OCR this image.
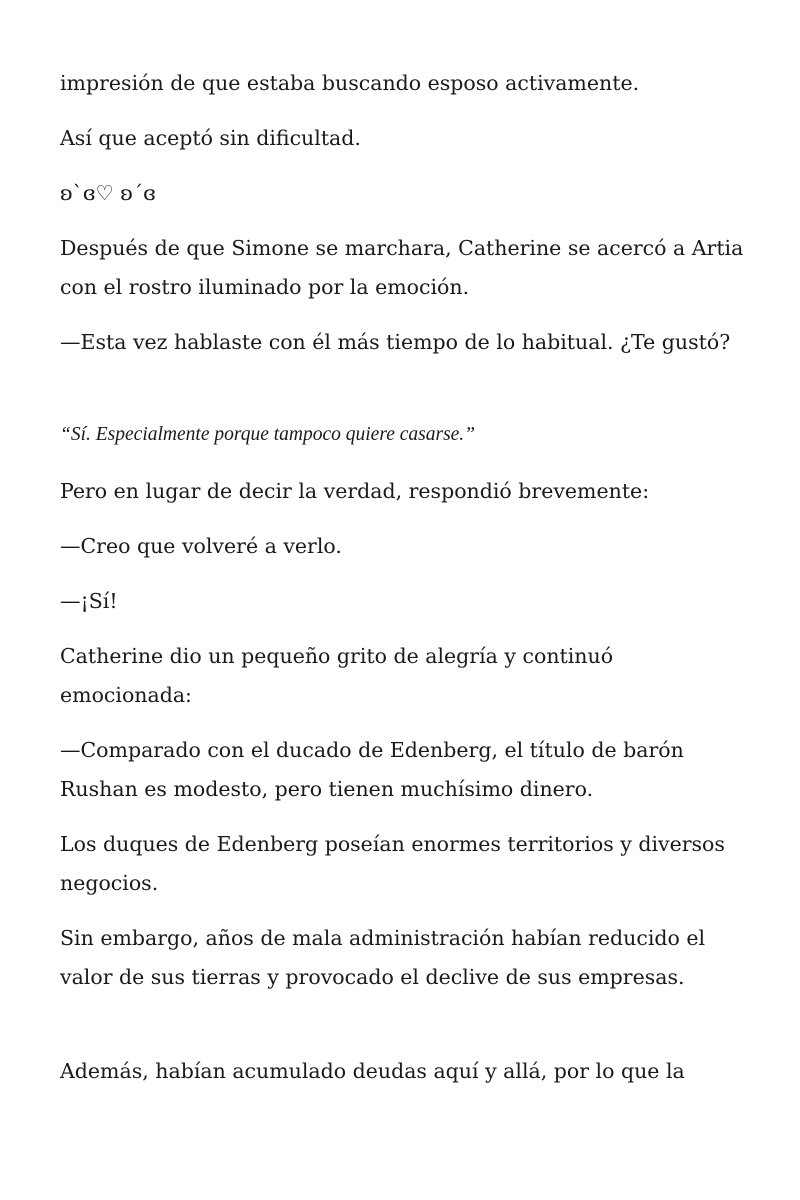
impresión de que estaba buscando esposo activamente.

Así que aceptó sin dificultad.

ʚ`ɞ♡ ʚ´ɞ

Después de que Simone se marchara, Catherine se acercó a Artia con el rostro iluminado por la emoción.

—Esta vez hablaste con él más tiempo de lo habitual. ¿Te gustó?

“Sí. Especialmente porque tampoco quiere casarse.”

Pero en lugar de decir la verdad, respondió brevemente:

—Creo que volveré a verlo.

—¡Sí!

Catherine dio un pequeño grito de alegría y continuó emocionada:

—Comparado con el ducado de Edenberg, el título de barón Rushan es modesto, pero tienen muchísimo dinero.

Los duques de Edenberg poseían enormes territorios y diversos negocios.

Sin embargo, años de mala administración habían reducido el valor de sus tierras y provocado el declive de sus empresas.

Además, habían acumulado deudas aquí y allá, por lo que la
